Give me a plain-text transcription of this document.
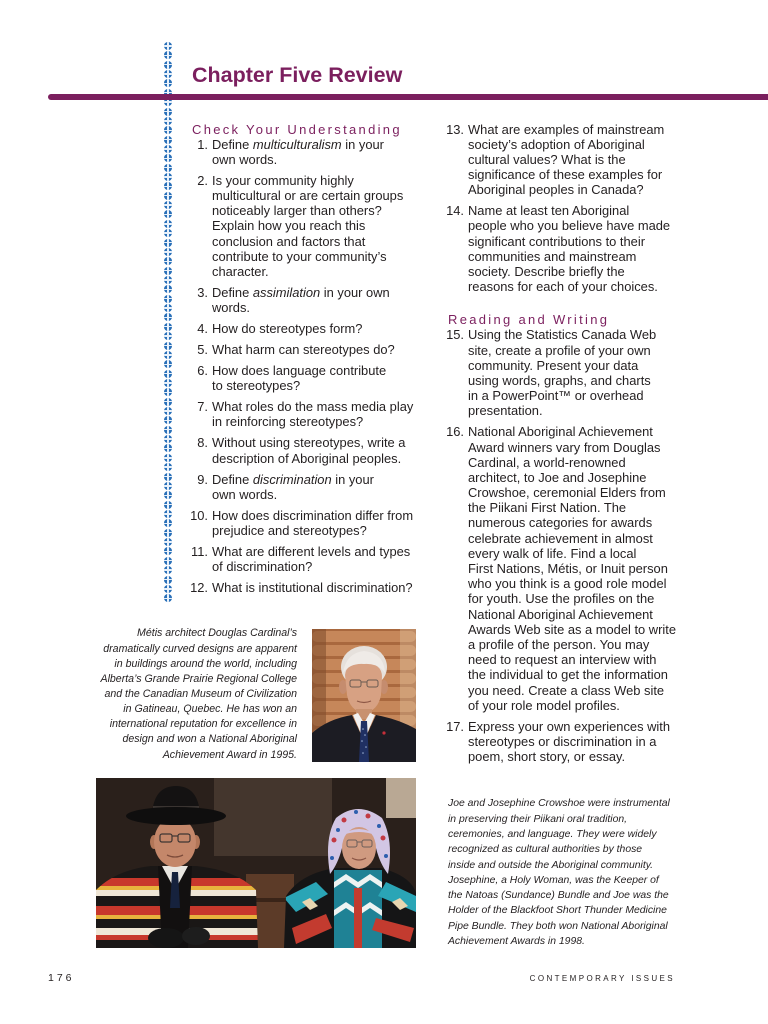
Chapter Five Review
Check Your Understanding
1. Define multiculturalism in your
own words.
2. Is your community highly
multicultural or are certain groups
noticeably larger than others?
Explain how you reach this
conclusion and factors that
contribute to your community’s
character.
3. Define assimilation in your own
words.
4. How do stereotypes form?
5. What harm can stereotypes do?
6. How does language contribute
to stereotypes?
7. What roles do the mass media play
in reinforcing stereotypes?
8. Without using stereotypes, write a
description of Aboriginal peoples.
9. Define discrimination in your
own words.
10. How does discrimination differ from
prejudice and stereotypes?
11. What are different levels and types
of discrimination?
12. What is institutional discrimination?
13. What are examples of mainstream
society’s adoption of Aboriginal
cultural values? What is the
significance of these examples for
Aboriginal peoples in Canada?
14. Name at least ten Aboriginal
people who you believe have made
significant contributions to their
communities and mainstream
society. Describe briefly the
reasons for each of your choices.
Reading and Writing
15. Using the Statistics Canada Web
site, create a profile of your own
community. Present your data
using words, graphs, and charts
in a PowerPoint™ or overhead
presentation.
16. National Aboriginal Achievement
Award winners vary from Douglas
Cardinal, a world-renowned
architect, to Joe and Josephine
Crowshoe, ceremonial Elders from
the Piikani First Nation. The
numerous categories for awards
celebrate achievement in almost
every walk of life. Find a local
First Nations, Métis, or Inuit person
who you think is a good role model
for youth. Use the profiles on the
National Aboriginal Achievement
Awards Web site as a model to write
a profile of the person. You may
need to request an interview with
the individual to get the information
you need. Create a class Web site
of your role model profiles.
17. Express your own experiences with
stereotypes or discrimination in a
poem, short story, or essay.
Métis architect Douglas Cardinal’s
dramatically curved designs are apparent
in buildings around the world, including
Alberta’s Grande Prairie Regional College
and the Canadian Museum of Civilization
in Gatineau, Quebec. He has won an
international reputation for excellence in
design and won a National Aboriginal
Achievement Award in 1995.
Joe and Josephine Crowshoe were instrumental
in preserving their Piikani oral tradition,
ceremonies, and language. They were widely
recognized as cultural authorities by those
inside and outside the Aboriginal community.
Josephine, a Holy Woman, was the Keeper of
the Natoas (Sundance) Bundle and Joe was the
Holder of the Blackfoot Short Thunder Medicine
Pipe Bundle. They both won National Aboriginal
Achievement Awards in 1998.
176	CONTEMPORARY ISSUES
